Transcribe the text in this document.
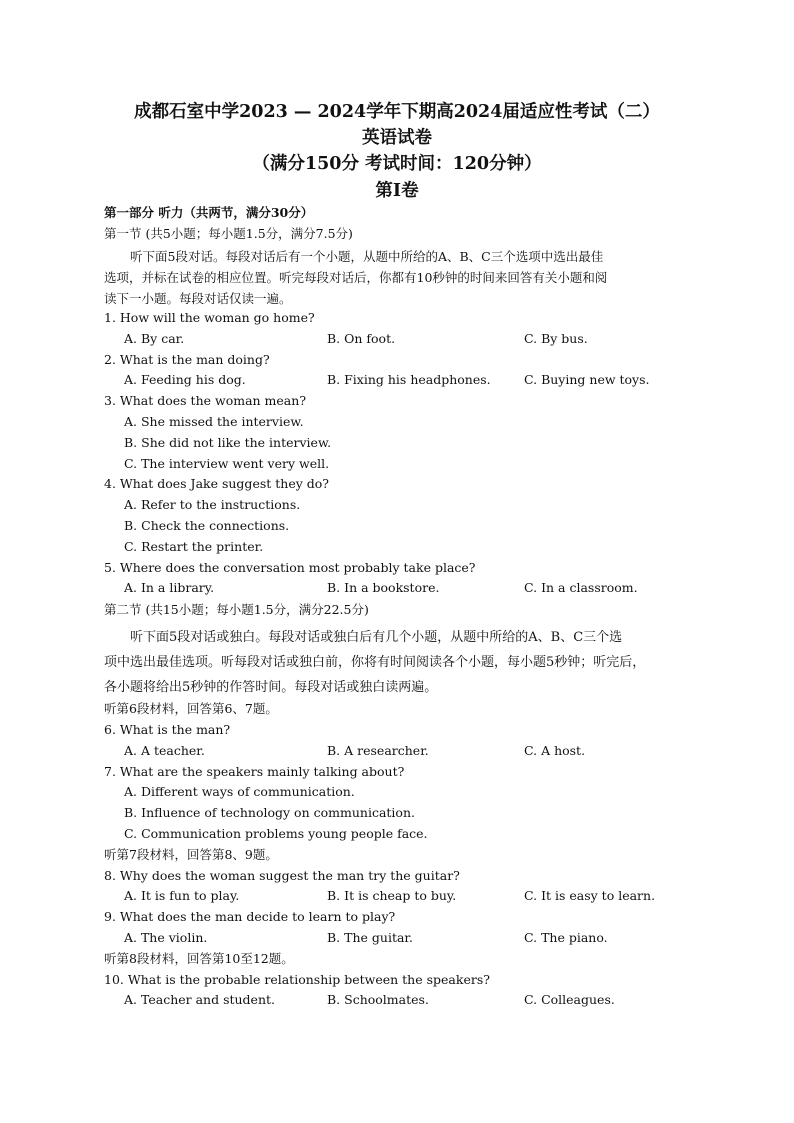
成都石室中学2023 — 2024学年下期高2024届适应性考试（二）
英语试卷
（满分150分 考试时间：120分钟）
第I卷
第一部分 听力（共两节，满分30分）
第一节 (共5小题；每小题1.5分，满分7.5分)
听下面5段对话。每段对话后有一个小题，从题中所给的A、B、C三个选项中选出最佳
选项，并标在试卷的相应位置。听完每段对话后，你都有10秒钟的时间来回答有关小题和阅
读下一小题。每段对话仅读一遍。
1. How will the woman go home?
A. By car.	B. On foot.	C. By bus.
2. What is the man doing?
A. Feeding his dog.	B. Fixing his headphones.	C. Buying new toys.
3. What does the woman mean?
A. She missed the interview.
B. She did not like the interview.
C. The interview went very well.
4. What does Jake suggest they do?
A. Refer to the instructions.
B. Check the connections.
C. Restart the printer.
5. Where does the conversation most probably take place?
A. In a library.	B. In a bookstore.	C. In a classroom.
第二节 (共15小题；每小题1.5分，满分22.5分)
听下面5段对话或独白。每段对话或独白后有几个小题，从题中所给的A、B、C三个选
项中选出最佳选项。听每段对话或独白前，你将有时间阅读各个小题，每小题5秒钟；听完后，
各小题将给出5秒钟的作答时间。每段对话或独白读两遍。
听第6段材料，回答第6、7题。
6. What is the man?
A. A teacher.	B. A researcher.	C. A host.
7. What are the speakers mainly talking about?
A. Different ways of communication.
B. Influence of technology on communication.
C. Communication problems young people face.
听第7段材料，回答第8、9题。
8. Why does the woman suggest the man try the guitar?
A. It is fun to play.	B. It is cheap to buy.	C. It is easy to learn.
9. What does the man decide to learn to play?
A. The violin.	B. The guitar.	C. The piano.
听第8段材料，回答第10至12题。
10. What is the probable relationship between the speakers?
A. Teacher and student.	B. Schoolmates.	C. Colleagues.
